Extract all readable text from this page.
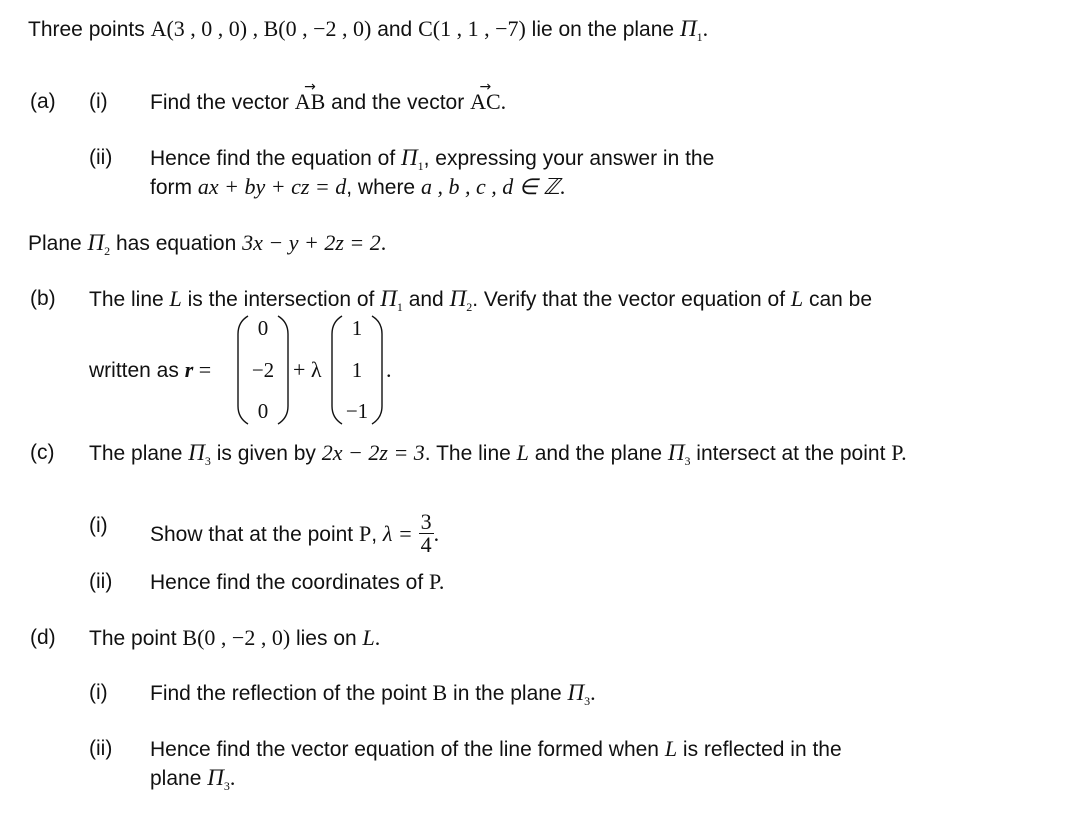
Three points A(3 , 0 , 0) , B(0 , −2 , 0) and C(1 , 1 , −7) lie on the plane $\Pi_1$.
(a) (i) Find the vector → AB and the vector → AC.
(ii) Hence find the equation of $\Pi_1$, expressing your answer in the
form ax + by + cz = d, where a , b , c , d ∈ ℤ.
Plane $\Pi_2$ has equation 3x − y + 2z = 2.
(b) The line L is the intersection of $\Pi_1$ and $\Pi_2$. Verify that the vector equation of L can be
written as r =
0
−2
0
+ λ
1
1
−1
.
(c) The plane $\Pi_3$ is given by 2x − 2z = 3. The line L and the plane $\Pi_3$ intersect at the point P.
(i) Show that at the point P, $\lambda = \frac{3}{4}$ .
(ii) Hence find the coordinates of P.
(d) The point B(0 , −2 , 0) lies on L.
(i) Find the reflection of the point B in the plane $\Pi_3$.
(ii) Hence find the vector equation of the line formed when L is reflected in the
plane $\Pi_3$.
